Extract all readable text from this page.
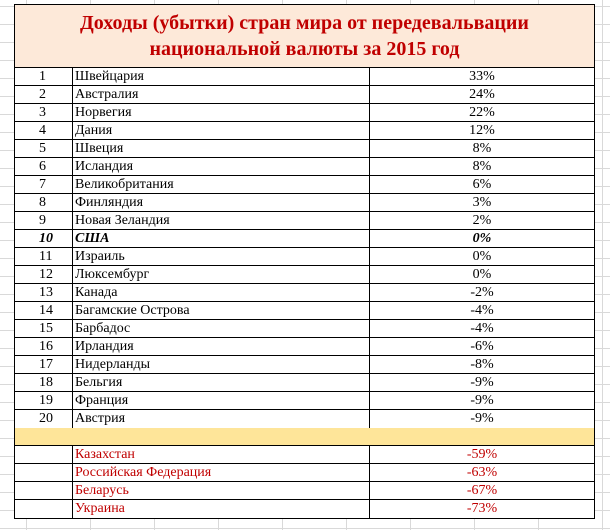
Доходы (убытки) стран мира от передевальвации национальной валюты за 2015 год
1	Швейцария	33%
2	Австралия	24%
3	Норвегия	22%
4	Дания	12%
5	Швеция	8%
6	Исландия	8%
7	Великобритания	6%
8	Финляндия	3%
9	Новая Зеландия	2%
10	США	0%
11	Израиль	0%
12	Люксембург	0%
13	Канада	-2%
14	Багамские Острова	-4%
15	Барбадос	-4%
16	Ирландия	-6%
17	Нидерланды	-8%
18	Бельгия	-9%
19	Франция	-9%
20	Австрия	-9%
Казахстан	-59%
Российская Федерация	-63%
Беларусь	-67%
Украина	-73%
